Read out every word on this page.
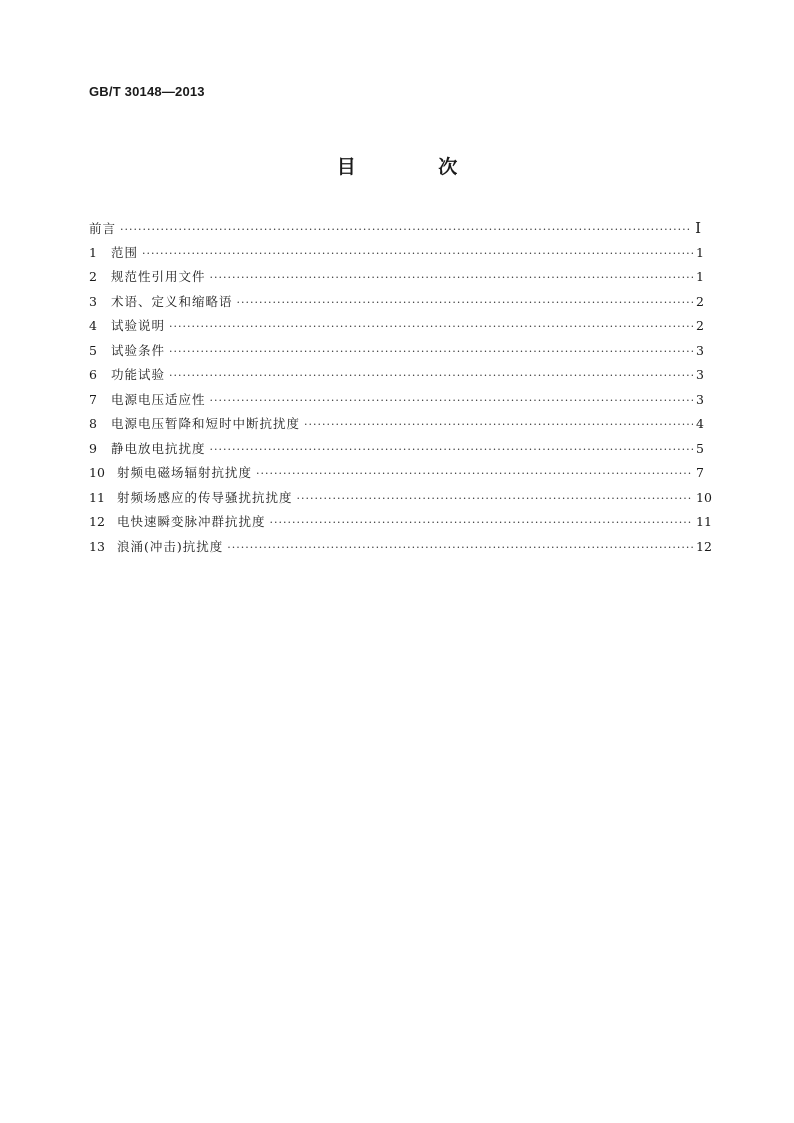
GB/T 30148—2013
目 次
前言 ·····	Ⅰ
1	范围 ·····	1
2	规范性引用文件 ·····	1
3	术语、定义和缩略语 ·····	2
4	试验说明 ·····	2
5	试验条件 ·····	3
6	功能试验 ·····	3
7	电源电压适应性 ·····	3
8	电源电压暂降和短时中断抗扰度 ·····	4
9	静电放电抗扰度 ·····	5
10 射频电磁场辐射抗扰度 ·····	7
11 射频场感应的传导骚扰抗扰度 ·····	10
12 电快速瞬变脉冲群抗扰度 ·····	11
13 浪涌(冲击)抗扰度 ·····	12
